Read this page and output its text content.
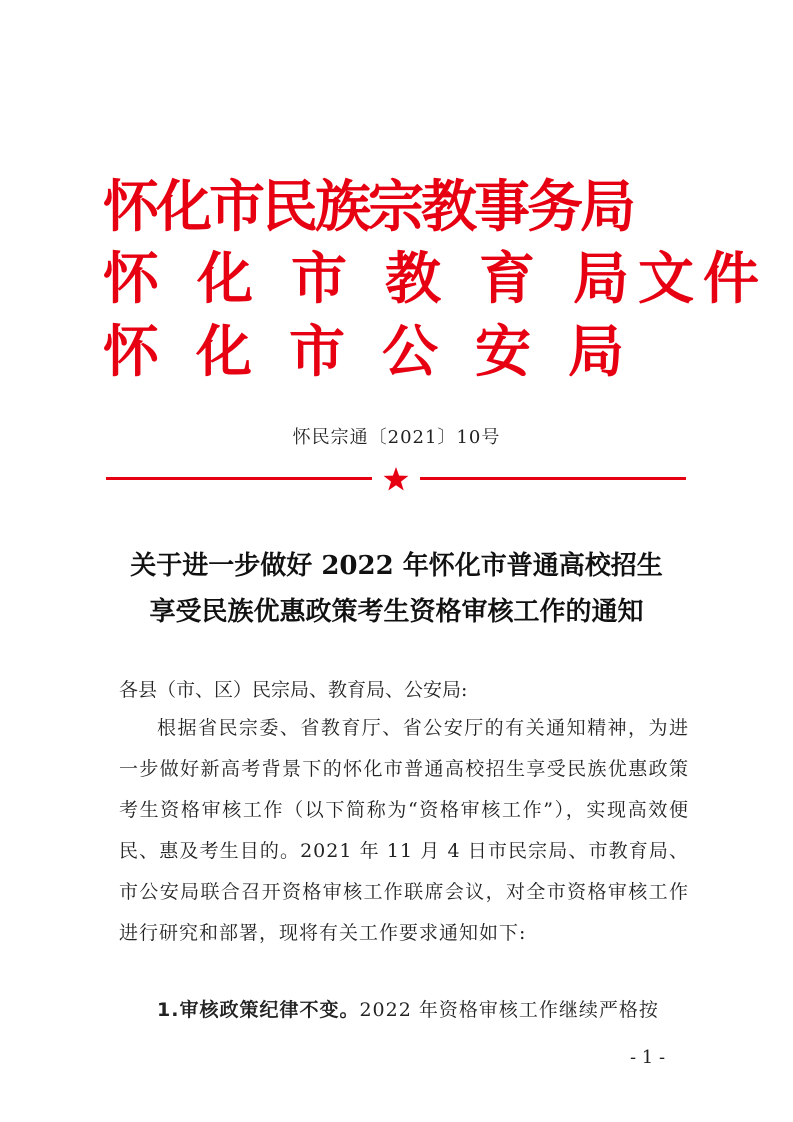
怀化市民族宗教事务局
怀 化 市 教 育 局文件
怀 化 市 公 安 局
怀民宗通〔2021〕10号
关于进一步做好 2022 年怀化市普通高校招生
享受民族优惠政策考生资格审核工作的通知
各县（市、区）民宗局、教育局、公安局:
根据省民宗委、省教育厅、省公安厅的有关通知精神，为进一步做好新高考背景下的怀化市普通高校招生享受民族优惠政策考生资格审核工作（以下简称为“资格审核工作”），实现高效便民、惠及考生目的。2021 年 11 月 4 日市民宗局、市教育局、市公安局联合召开资格审核工作联席会议，对全市资格审核工作进行研究和部署，现将有关工作要求通知如下:
1.审核政策纪律不变。2022 年资格审核工作继续严格按
- 1 -
